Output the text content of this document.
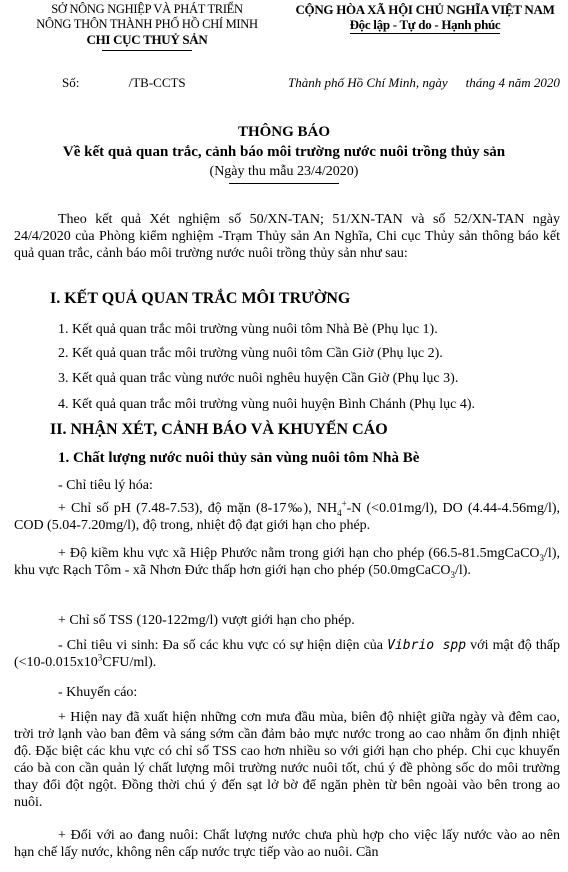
SỞ NÔNG NGHIỆP VÀ PHÁT TRIỂN
NÔNG THÔN THÀNH PHỐ HỒ CHÍ MINH
CHI CỤC THUỶ SẢN
CỘNG HÒA XÃ HỘI CHỦ NGHĨA VIỆT NAM
Độc lập - Tự do - Hạnh phúc
Số:	/TB-CCTS	Thành phố Hồ Chí Minh, ngày tháng 4 năm 2020
THÔNG BÁO
Về kết quả quan trắc, cảnh báo môi trường nước nuôi trồng thủy sản
(Ngày thu mẫu 23/4/2020)
Theo kết quả Xét nghiệm số 50/XN-TAN; 51/XN-TAN và số 52/XN-TAN ngày 24/4/2020 của Phòng kiểm nghiệm -Trạm Thủy sản An Nghĩa, Chi cục Thủy sản thông báo kết quả quan trắc, cảnh báo môi trường nước nuôi trồng thủy sản như sau:
I. KẾT QUẢ QUAN TRẮC MÔI TRƯỜNG
1. Kết quả quan trắc môi trường vùng nuôi tôm Nhà Bè (Phụ lục 1).
2. Kết quả quan trắc môi trường vùng nuôi tôm Cần Giờ (Phụ lục 2).
3. Kết quả quan trắc vùng nước nuôi nghêu huyện Cần Giờ (Phụ lục 3).
4. Kết quả quan trắc môi trường vùng nuôi huyện Bình Chánh (Phụ lục 4).
II. NHẬN XÉT, CẢNH BÁO VÀ KHUYẾN CÁO
1. Chất lượng nước nuôi thủy sản vùng nuôi tôm Nhà Bè
- Chỉ tiêu lý hóa:
+ Chỉ số pH (7.48-7.53), độ mặn (8-17‰), $NH_4^+-N$ (<0.01mg/l), DO (4.44-4.56mg/l), COD (5.04-7.20mg/l), độ trong, nhiệt độ đạt giới hạn cho phép.
+ Độ kiềm khu vực xã Hiệp Phước nằm trong giới hạn cho phép (66.5-81.5mgCaCO$_3$/l), khu vực Rạch Tôm - xã Nhơn Đức thấp hơn giới hạn cho phép (50.0mgCaCO$_3$/l).
+ Chỉ số TSS (120-122mg/l) vượt giới hạn cho phép.
- Chỉ tiêu vi sinh: Đa số các khu vực có sự hiện diện của Vibrio spp với mật độ thấp $(<10-0.015x10^3CFU/ml)$.
- Khuyến cáo:
+ Hiện nay đã xuất hiện những cơn mưa đầu mùa, biên độ nhiệt giữa ngày và đêm cao, trời trở lạnh vào ban đêm và sáng sớm cần đảm bảo mực nước trong ao cao nhằm ổn định nhiệt độ. Đặc biệt các khu vực có chỉ số TSS cao hơn nhiều so với giới hạn cho phép. Chi cục khuyến cáo bà con cần quản lý chất lượng môi trường nước nuôi tốt, chú ý đề phòng sốc do môi trường thay đổi đột ngột. Đồng thời chú ý đến sạt lở bờ để ngăn phèn từ bên ngoài vào bên trong ao nuôi.
+ Đối với ao đang nuôi: Chất lượng nước chưa phù hợp cho việc lấy nước vào ao nên hạn chế lấy nước, không nên cấp nước trực tiếp vào ao nuôi. Cần
